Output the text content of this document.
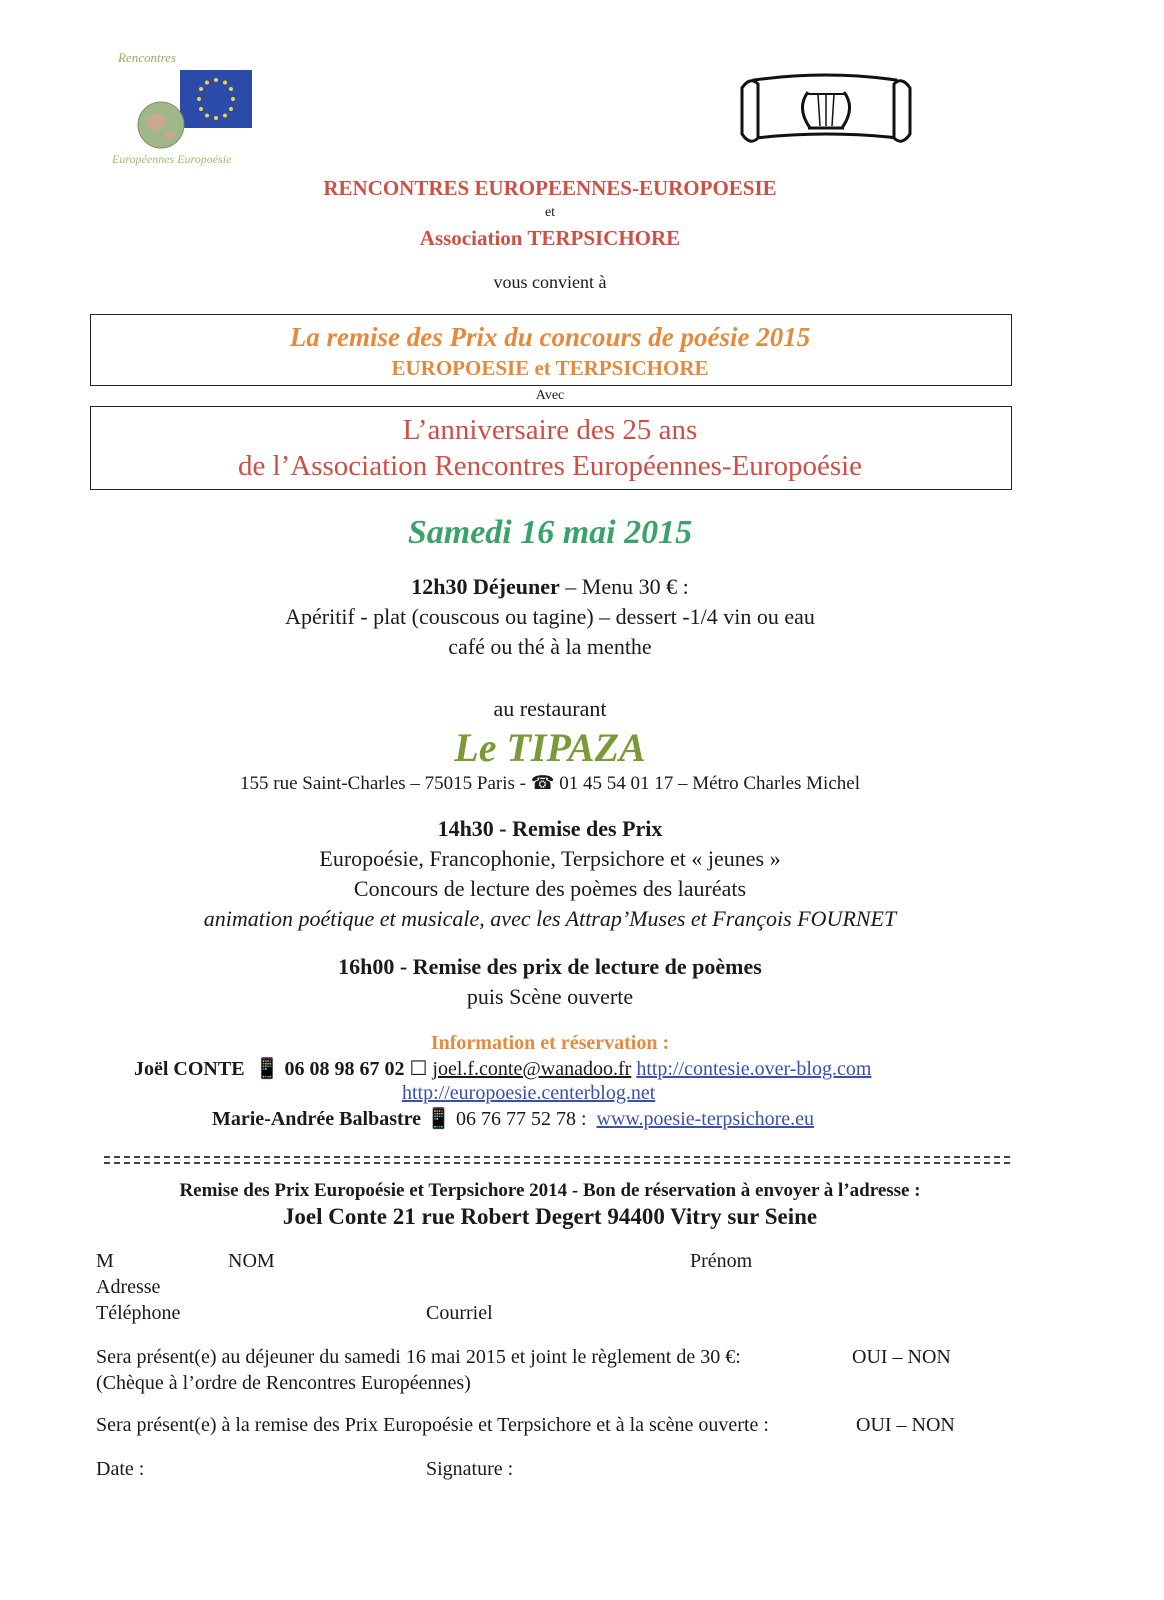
Rencontres
Européennes Europoésie
RENCONTRES EUROPEENNES-EUROPOESIE
et
Association TERPSICHORE
vous convient à
La remise des Prix du concours de poésie 2015
EUROPOESIE et TERPSICHORE
Avec
L’anniversaire des 25 ans
de l’Association Rencontres Européennes-Europoésie
Samedi 16 mai 2015
12h30 Déjeuner – Menu 30 € :
Apéritif - plat (couscous ou tagine) – dessert -1/4 vin ou eau
café ou thé à la menthe
au restaurant
Le TIPAZA
155 rue Saint-Charles – 75015 Paris - ☎ 01 45 54 01 17 – Métro Charles Michel
14h30 - Remise des Prix
Europoésie, Francophonie, Terpsichore et « jeunes »
Concours de lecture des poèmes des lauréats
animation poétique et musicale, avec les Attrap’Muses et François FOURNET
16h00 - Remise des prix de lecture de poèmes
puis Scène ouverte
Information et réservation :
Joël CONTE 📱 06 08 98 67 02 ☐ joel.f.conte@wanadoo.fr http://contesie.over-blog.com
http://europoesie.centerblog.net
Marie-Andrée Balbastre 📱 06 76 77 52 78 : www.poesie-terpsichore.eu
Remise des Prix Europoésie et Terpsichore 2014 - Bon de réservation à envoyer à l’adresse :
Joel Conte 21 rue Robert Degert 94400 Vitry sur Seine
M	NOM	Prénom
Adresse
Téléphone	Courriel
Sera présent(e) au déjeuner du samedi 16 mai 2015 et joint le règlement de 30 €:	OUI – NON
(Chèque à l’ordre de Rencontres Européennes)
Sera présent(e) à la remise des Prix Europoésie et Terpsichore et à la scène ouverte :	OUI – NON
Date :	Signature :
